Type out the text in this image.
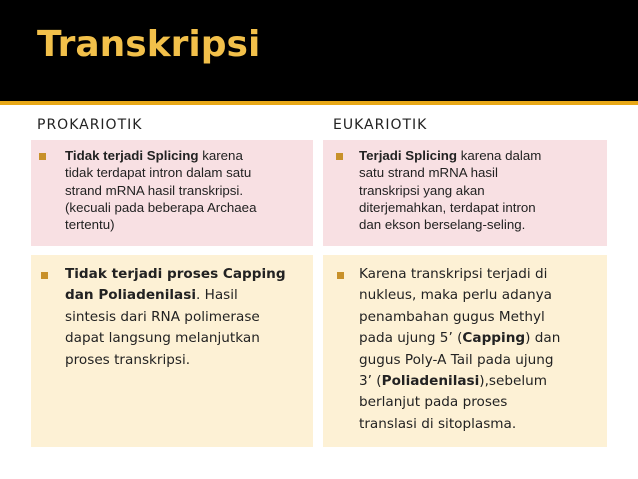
Transkripsi
PROKARIOTIK	EUKARIOTIK
Tidak terjadi Splicing karena
tidak terdapat intron dalam satu
strand mRNA hasil transkripsi.
(kecuali pada beberapa Archaea
tertentu)
Terjadi Splicing karena dalam
satu strand mRNA hasil
transkripsi yang akan
diterjemahkan, terdapat intron
dan ekson berselang-seling.
Tidak terjadi proses Capping
dan Poliadenilasi. Hasil
sintesis dari RNA polimerase
dapat langsung melanjutkan
proses transkripsi.
Karena transkripsi terjadi di
nukleus, maka perlu adanya
penambahan gugus Methyl
pada ujung 5’ (Capping) dan
gugus Poly-A Tail pada ujung
3’ (Poliadenilasi),sebelum
berlanjut pada proses
translasi di sitoplasma.
